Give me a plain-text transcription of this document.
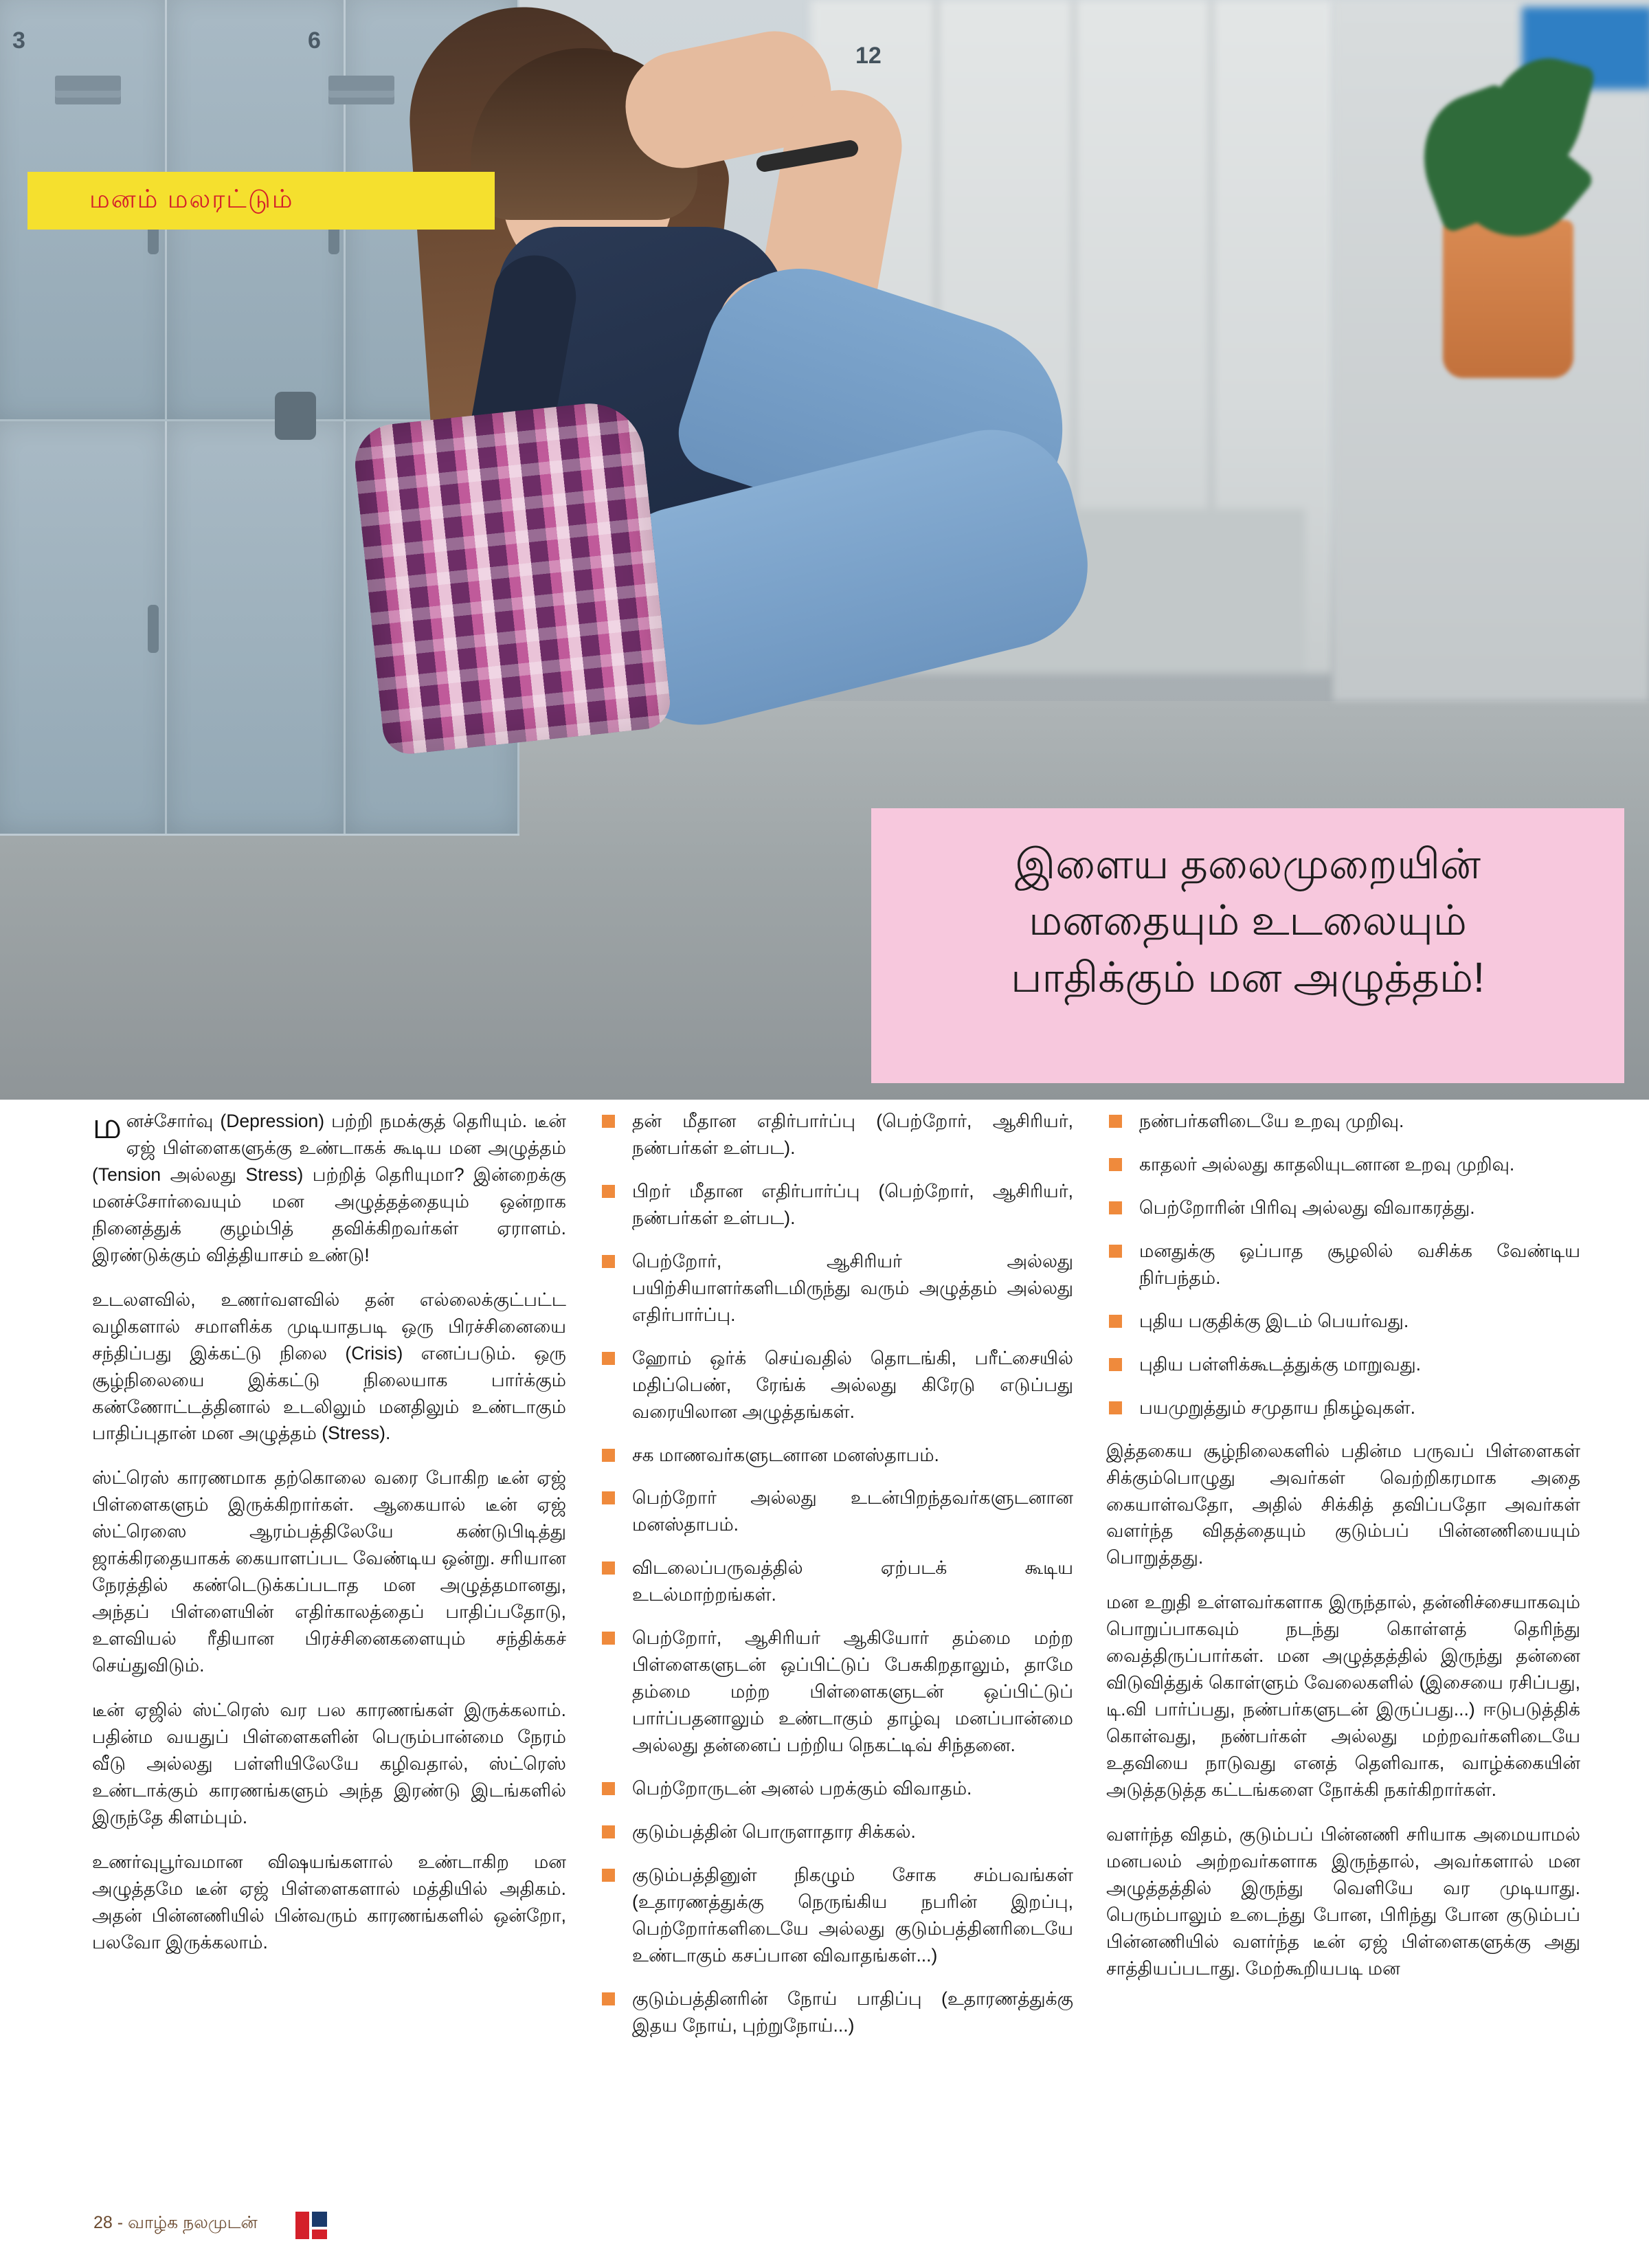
3	6
12
மனம் மலரட்டும்
இளைய தலைமுறையின்
மனதையும் உடலையும்
பாதிக்கும் மன அழுத்தம்!

மனச்சோர்வு (Depression) பற்றி நமக்குத் தெரியும். டீன் ஏஜ் பிள்ளைகளுக்கு உண்டாகக் கூடிய மன அழுத்தம் (Tension அல்லது Stress) பற்றித் தெரியுமா? இன்றைக்கு மனச்சோர்வையும் மன அழுத்தத்தையும் ஒன்றாக நினைத்துக் குழம்பித் தவிக்கிறவர்கள் ஏராளம். இரண்டுக்கும் வித்தியாசம் உண்டு!

உடலளவில், உணர்வளவில் தன் எல்லைக்குட்பட்ட வழிகளால் சமாளிக்க முடியாதபடி ஒரு பிரச்சினையை சந்திப்பது இக்கட்டு நிலை (Crisis) எனப்படும். ஒரு சூழ்நிலையை இக்கட்டு நிலையாக பார்க்கும் கண்ணோட்டத்தினால் உடலிலும் மனதிலும் உண்டாகும் பாதிப்புதான் மன அழுத்தம் (Stress).

ஸ்ட்ரெஸ் காரணமாக தற்கொலை வரை போகிற டீன் ஏஜ் பிள்ளைகளும் இருக்கிறார்கள். ஆகையால் டீன் ஏஜ் ஸ்ட்ரெஸை ஆரம்பத்திலேயே கண்டுபிடித்து ஜாக்கிரதையாகக் கையாளப்பட வேண்டிய ஒன்று. சரியான நேரத்தில் கண்டெடுக்கப்படாத மன அழுத்தமானது, அந்தப் பிள்ளையின் எதிர்காலத்தைப் பாதிப்பதோடு, உளவியல் ரீதியான பிரச்சினைகளையும் சந்திக்கச் செய்துவிடும்.

டீன் ஏஜில் ஸ்ட்ரெஸ் வர பல காரணங்கள் இருக்கலாம். பதின்ம வயதுப் பிள்ளைகளின் பெரும்பான்மை நேரம் வீடு அல்லது பள்ளியிலேயே கழிவதால், ஸ்ட்ரெஸ் உண்டாக்கும் காரணங்களும் அந்த இரண்டு இடங்களில் இருந்தே கிளம்பும்.

உணர்வுபூர்வமான விஷயங்களால் உண்டாகிற மன அழுத்தமே டீன் ஏஜ் பிள்ளைகளால் மத்தியில் அதிகம். அதன் பின்னணியில் பின்வரும் காரணங்களில் ஒன்றோ, பலவோ இருக்கலாம்.

தன் மீதான எதிர்பார்ப்பு (பெற்றோர், ஆசிரியர், நண்பர்கள் உள்பட).
பிறர் மீதான எதிர்பார்ப்பு (பெற்றோர், ஆசிரியர், நண்பர்கள் உள்பட).
பெற்றோர், ஆசிரியர் அல்லது பயிற்சியாளர்களிடமிருந்து வரும் அழுத்தம் அல்லது எதிர்பார்ப்பு.
ஹோம் ஒர்க் செய்வதில் தொடங்கி, பரீட்சையில் மதிப்பெண், ரேங்க் அல்லது கிரேடு எடுப்பது வரையிலான அழுத்தங்கள்.
சக மாணவர்களுடனான மனஸ்தாபம்.
பெற்றோர் அல்லது உடன்பிறந்தவர்களுடனான மனஸ்தாபம்.
விடலைப்பருவத்தில் ஏற்படக் கூடிய உடல்மாற்றங்கள்.
பெற்றோர், ஆசிரியர் ஆகியோர் தம்மை மற்ற பிள்ளைகளுடன் ஒப்பிட்டுப் பேசுகிறதாலும், தாமே தம்மை மற்ற பிள்ளைகளுடன் ஒப்பிட்டுப் பார்ப்பதனாலும் உண்டாகும் தாழ்வு மனப்பான்மை அல்லது தன்னைப் பற்றிய நெகட்டிவ் சிந்தனை.
பெற்றோருடன் அனல் பறக்கும் விவாதம்.
குடும்பத்தின் பொருளாதார சிக்கல்.
குடும்பத்தினுள் நிகழும் சோக சம்பவங்கள் (உதாரணத்துக்கு நெருங்கிய நபரின் இறப்பு, பெற்றோர்களிடையே அல்லது குடும்பத்தினரிடையே உண்டாகும் கசப்பான விவாதங்கள்...)
குடும்பத்தினரின் நோய் பாதிப்பு (உதாரணத்துக்கு இதய நோய், புற்றுநோய்...)
நண்பர்களிடையே உறவு முறிவு.
காதலர் அல்லது காதலியுடனான உறவு முறிவு.
பெற்றோரின் பிரிவு அல்லது விவாகரத்து.
மனதுக்கு ஒப்பாத சூழலில் வசிக்க வேண்டிய நிர்பந்தம்.
புதிய பகுதிக்கு இடம் பெயர்வது.
புதிய பள்ளிக்கூடத்துக்கு மாறுவது.
பயமுறுத்தும் சமுதாய நிகழ்வுகள்.

இத்தகைய சூழ்நிலைகளில் பதின்ம பருவப் பிள்ளைகள் சிக்கும்பொழுது அவர்கள் வெற்றிகரமாக அதை கையாள்வதோ, அதில் சிக்கித் தவிப்பதோ அவர்கள் வளர்ந்த விதத்தையும் குடும்பப் பின்னணியையும் பொறுத்தது.

மன உறுதி உள்ளவர்களாக இருந்தால், தன்னிச்சையாகவும் பொறுப்பாகவும் நடந்து கொள்ளத் தெரிந்து வைத்திருப்பார்கள். மன அழுத்தத்தில் இருந்து தன்னை விடுவித்துக் கொள்ளும் வேலைகளில் (இசையை ரசிப்பது, டி.வி பார்ப்பது, நண்பர்களுடன் இருப்பது...) ஈடுபடுத்திக் கொள்வது, நண்பர்கள் அல்லது மற்றவர்களிடையே உதவியை நாடுவது எனத் தெளிவாக, வாழ்க்கையின் அடுத்தடுத்த கட்டங்களை நோக்கி நகர்கிறார்கள்.

வளர்ந்த விதம், குடும்பப் பின்னணி சரியாக அமையாமல் மனபலம் அற்றவர்களாக இருந்தால், அவர்களால் மன அழுத்தத்தில் இருந்து வெளியே வர முடியாது. பெரும்பாலும் உடைந்து போன, பிரிந்து போன குடும்பப் பின்னணியில் வளர்ந்த டீன் ஏஜ் பிள்ளைகளுக்கு அது சாத்தியப்படாது. மேற்கூறியபடி மன

28 - வாழ்க நலமுடன்
